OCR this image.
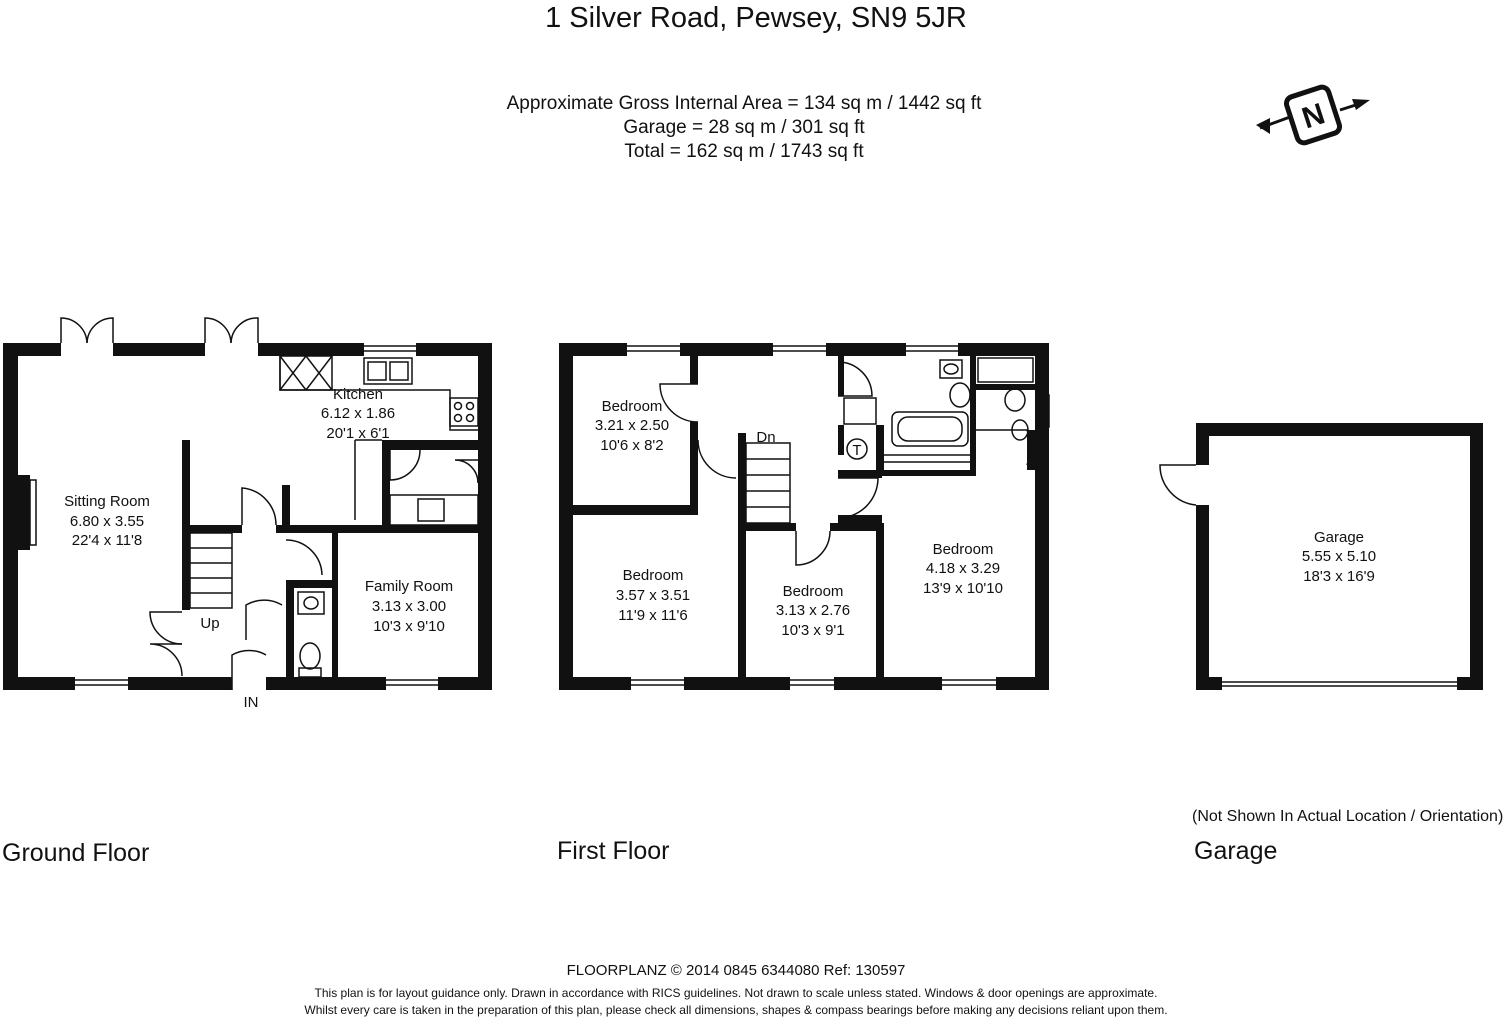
1 Silver Road, Pewsey, SN9 5JR
Approximate Gross Internal Area = 134 sq m / 1442 sq ft
Garage = 28 sq m / 301 sq ft
Total = 162 sq m / 1743 sq ft
N
Sitting Room
6.80 x 3.55
22'4 x 11'8
Kitchen
6.12 x 1.86
20'1 x 6'1
Family Room
3.13 x 3.00
10'3 x 9'10
Up
IN
T
Dn
Bedroom
3.21 x 2.50
10'6 x 8'2
Bedroom
3.57 x 3.51
11'9 x 11'6
Bedroom
3.13 x 2.76
10'3 x 9'1
Bedroom
4.18 x 3.29
13'9 x 10'10
Garage
5.55 x 5.10
18'3 x 16'9
Ground Floor	First Floor	Garage
(Not Shown In Actual Location / Orientation)
FLOORPLANZ © 2014 0845 6344080 Ref: 130597
This plan is for layout guidance only. Drawn in accordance with RICS guidelines. Not drawn to scale unless stated. Windows & door openings are approximate.
Whilst every care is taken in the preparation of this plan, please check all dimensions, shapes & compass bearings before making any decisions reliant upon them.
